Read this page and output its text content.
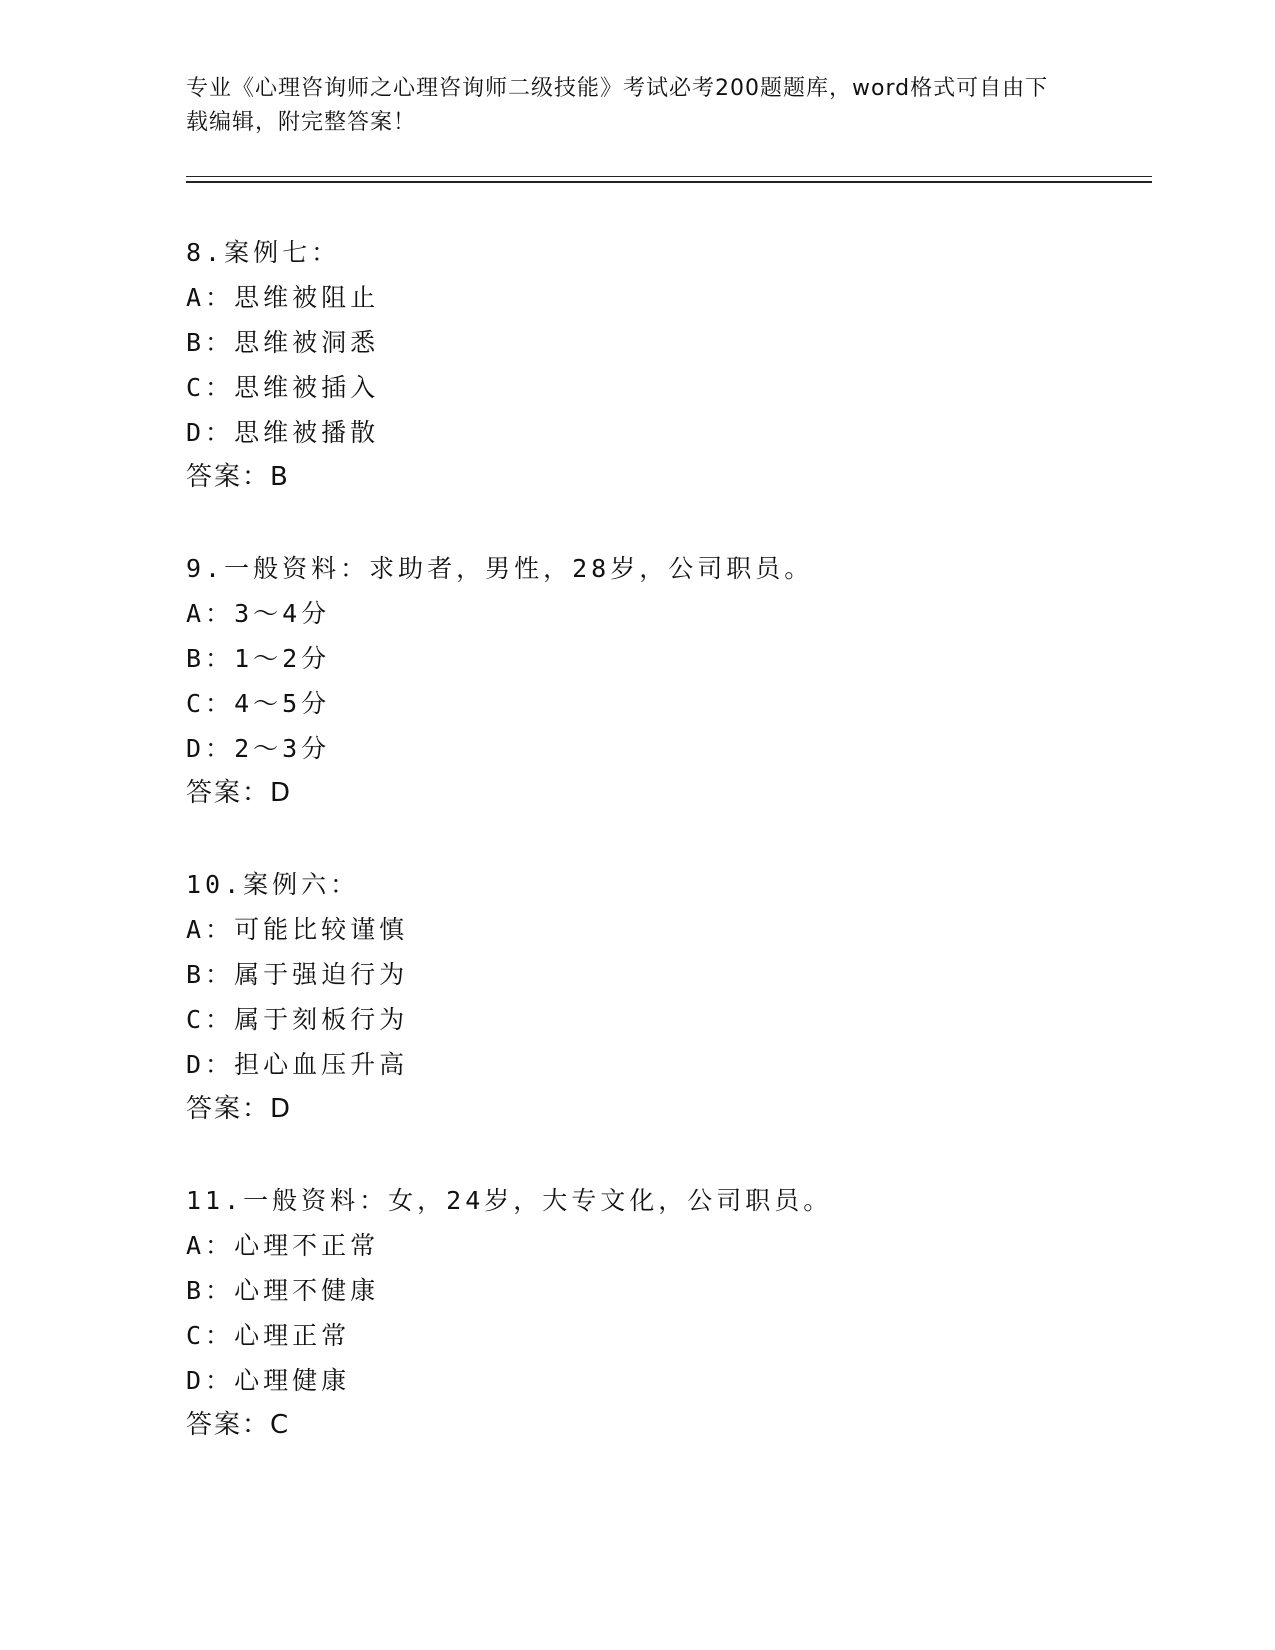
专业《心理咨询师之心理咨询师二级技能》考试必考200题题库，word格式可自由下载编辑，附完整答案！
8.案例七：
A：思维被阻止
B：思维被洞悉
C：思维被插入
D：思维被播散
答案：B
9.一般资料：求助者，男性，28岁，公司职员。
A：3～4分
B：1～2分
C：4～5分
D：2～3分
答案：D
10.案例六：
A：可能比较谨慎
B：属于强迫行为
C：属于刻板行为
D：担心血压升高
答案：D
11.一般资料：女，24岁，大专文化，公司职员。
A：心理不正常
B：心理不健康
C：心理正常
D：心理健康
答案：C
